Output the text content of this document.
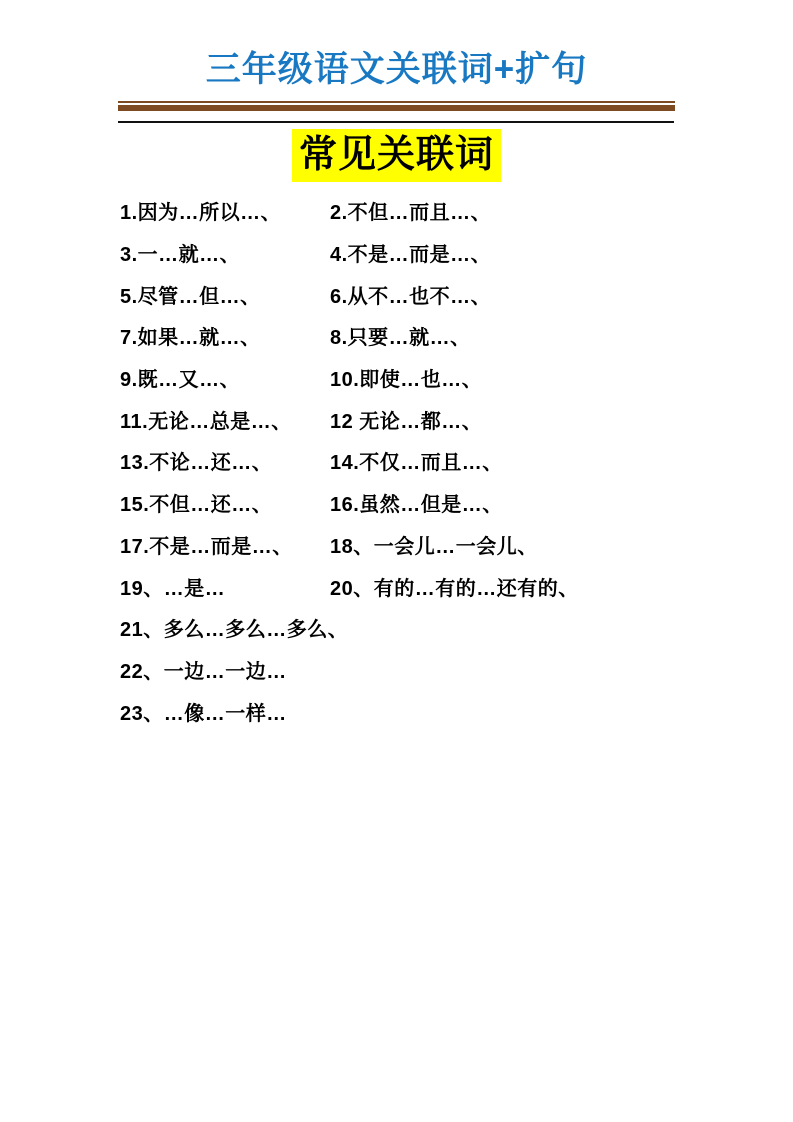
三年级语文关联词+扩句
常见关联词
1.因为…所以…、	2.不但…而且…、
3.一…就…、	4.不是…而是…、
5.尽管…但…、	6.从不…也不…、
7.如果…就…、	8.只要…就…、
9.既…又…、	10.即使…也…、
11.无论…总是…、	12 无论…都…、
13.不论…还…、	14.不仅…而且…、
15.不但…还…、	16.虽然…但是…、
17.不是…而是…、	18、一会儿…一会儿、
19、…是…	20、有的…有的…还有的、
21、多么…多么…多么、
22、一边…一边…
23、…像…一样…
